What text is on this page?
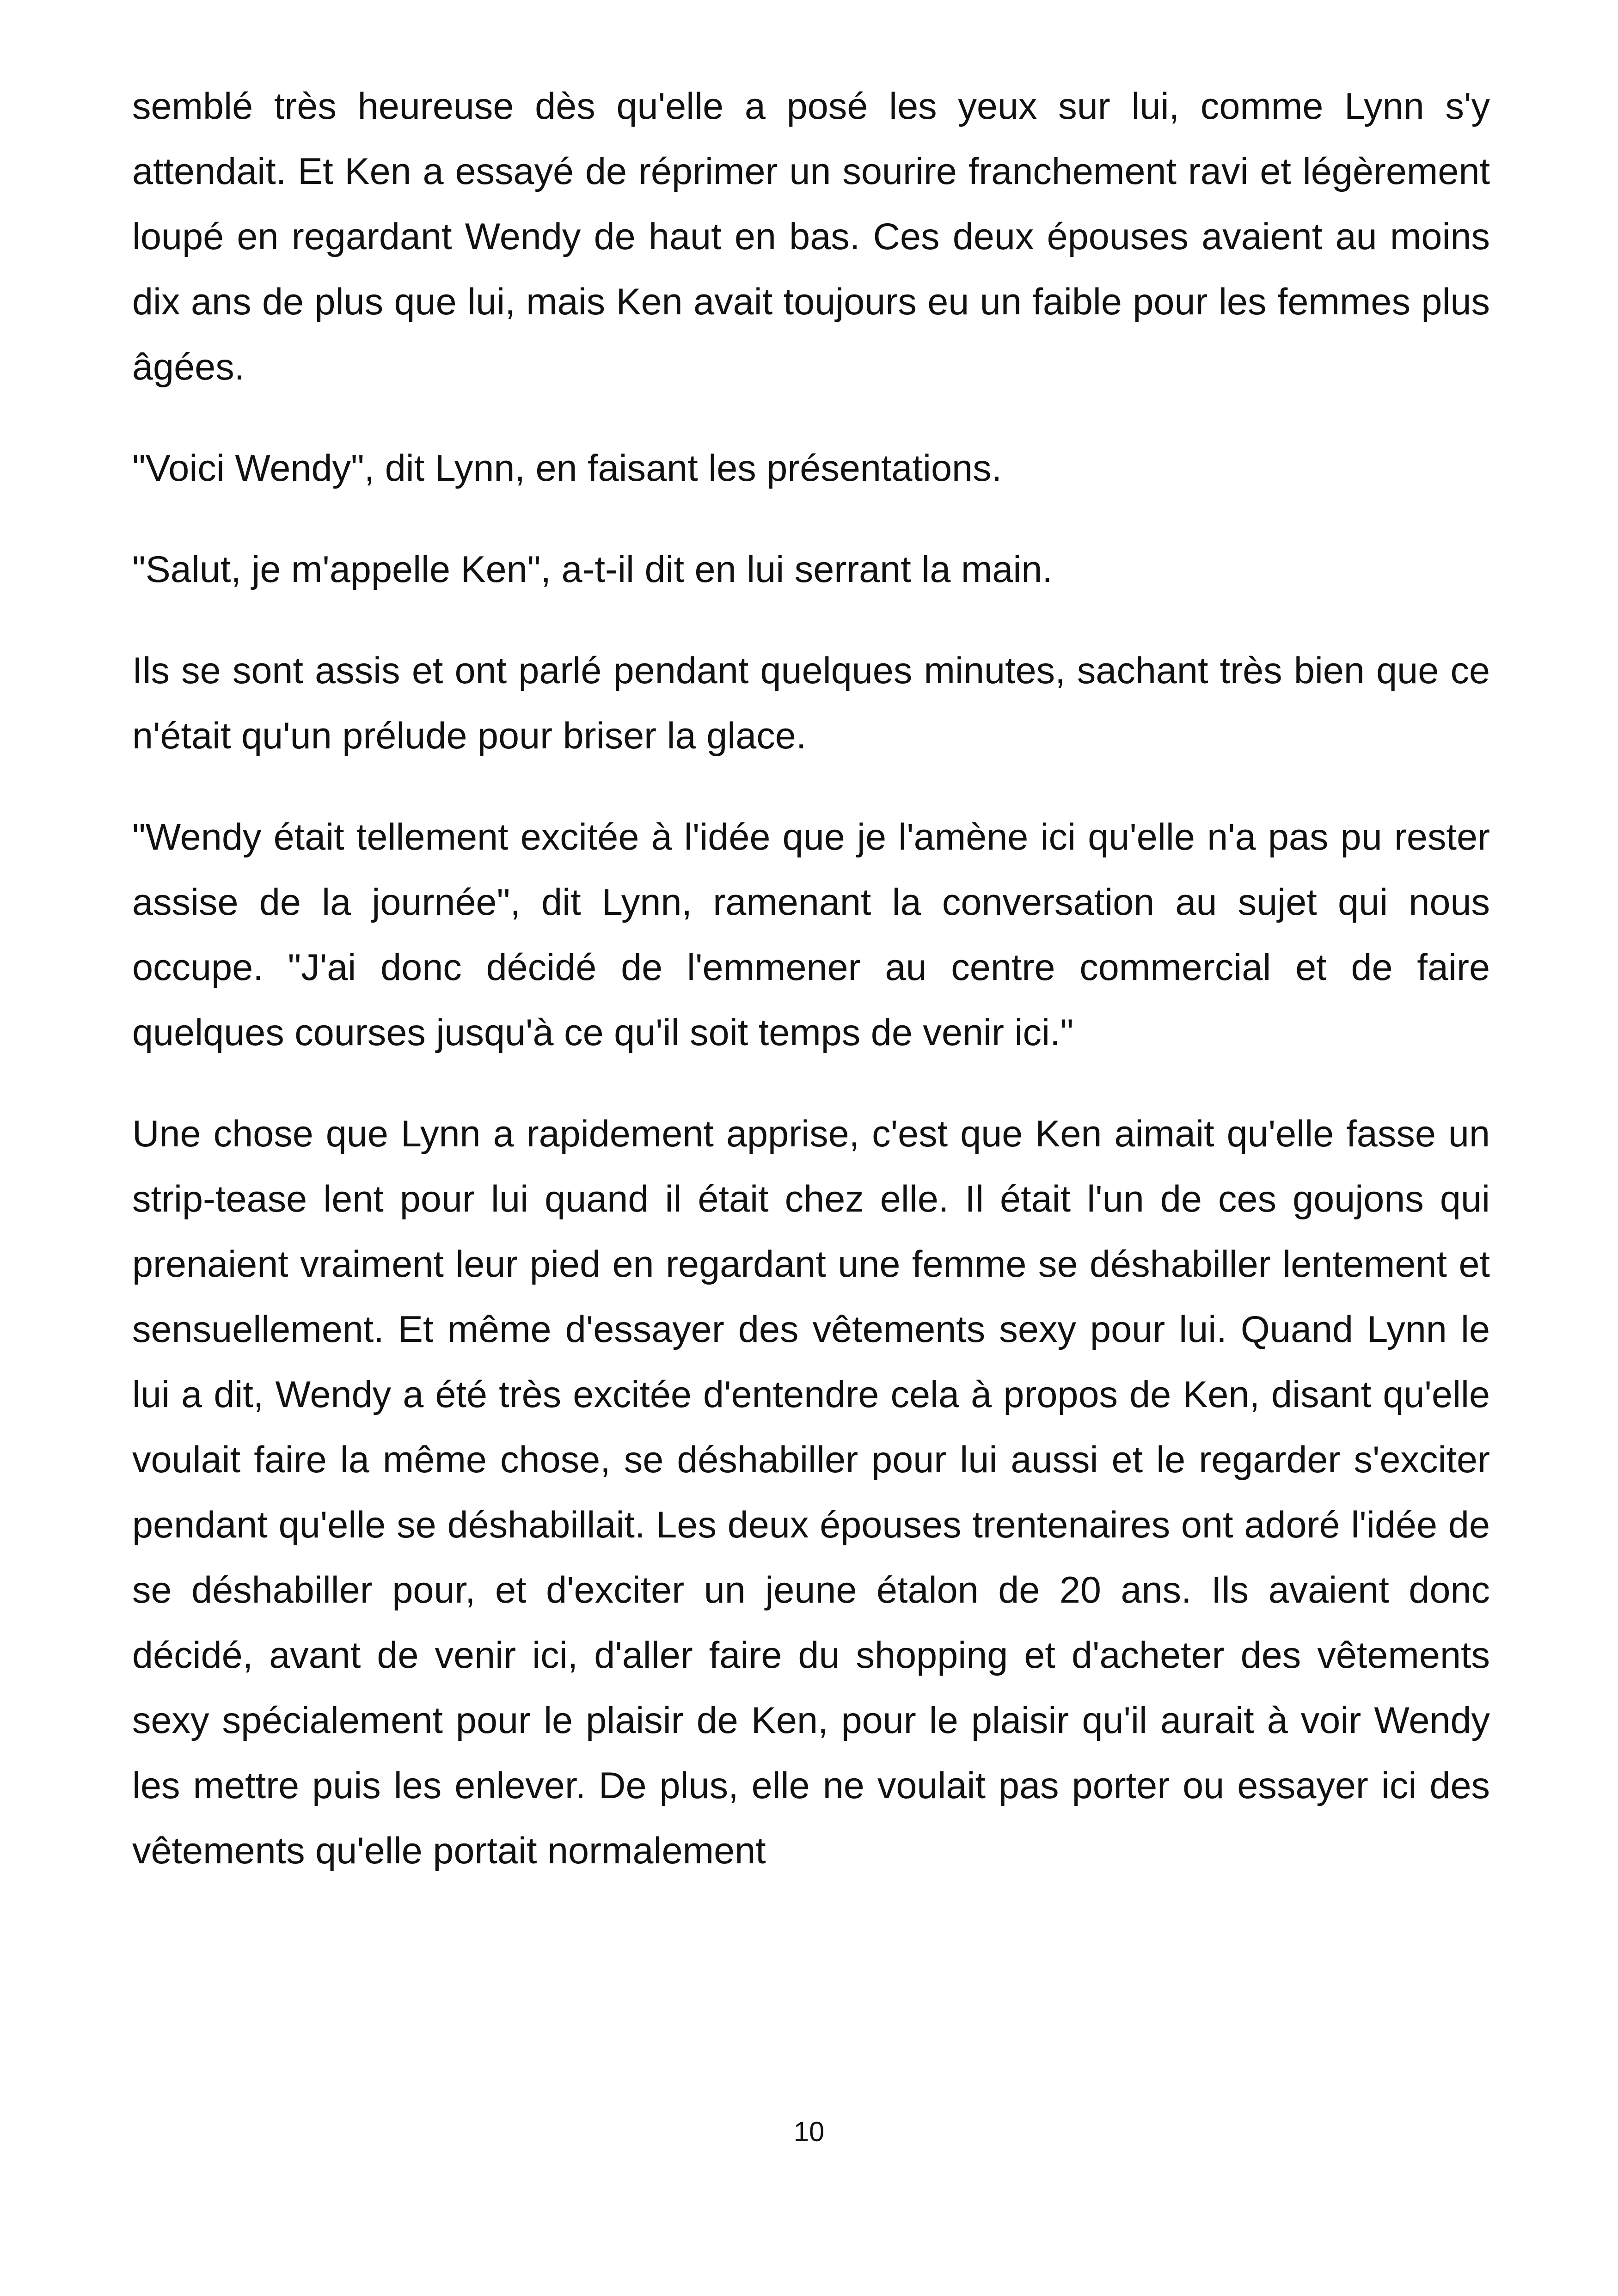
semblé très heureuse dès qu'elle a posé les yeux sur lui, comme Lynn s'y attendait. Et Ken a essayé de réprimer un sourire franchement ravi et légèrement loupé en regardant Wendy de haut en bas. Ces deux épouses avaient au moins dix ans de plus que lui, mais Ken avait toujours eu un faible pour les femmes plus âgées.

"Voici Wendy", dit Lynn, en faisant les présentations.

"Salut, je m'appelle Ken", a-t-il dit en lui serrant la main.

Ils se sont assis et ont parlé pendant quelques minutes, sachant très bien que ce n'était qu'un prélude pour briser la glace.

"Wendy était tellement excitée à l'idée que je l'amène ici qu'elle n'a pas pu rester assise de la journée", dit Lynn, ramenant la conversation au sujet qui nous occupe. "J'ai donc décidé de l'emmener au centre commercial et de faire quelques courses jusqu'à ce qu'il soit temps de venir ici."

Une chose que Lynn a rapidement apprise, c'est que Ken aimait qu'elle fasse un strip-tease lent pour lui quand il était chez elle. Il était l'un de ces goujons qui prenaient vraiment leur pied en regardant une femme se déshabiller lentement et sensuellement. Et même d'essayer des vêtements sexy pour lui. Quand Lynn le lui a dit, Wendy a été très excitée d'entendre cela à propos de Ken, disant qu'elle voulait faire la même chose, se déshabiller pour lui aussi et le regarder s'exciter pendant qu'elle se déshabillait. Les deux épouses trentenaires ont adoré l'idée de se déshabiller pour, et d'exciter un jeune étalon de 20 ans. Ils avaient donc décidé, avant de venir ici, d'aller faire du shopping et d'acheter des vêtements sexy spécialement pour le plaisir de Ken, pour le plaisir qu'il aurait à voir Wendy les mettre puis les enlever. De plus, elle ne voulait pas porter ou essayer ici des vêtements qu'elle portait normalement

10
